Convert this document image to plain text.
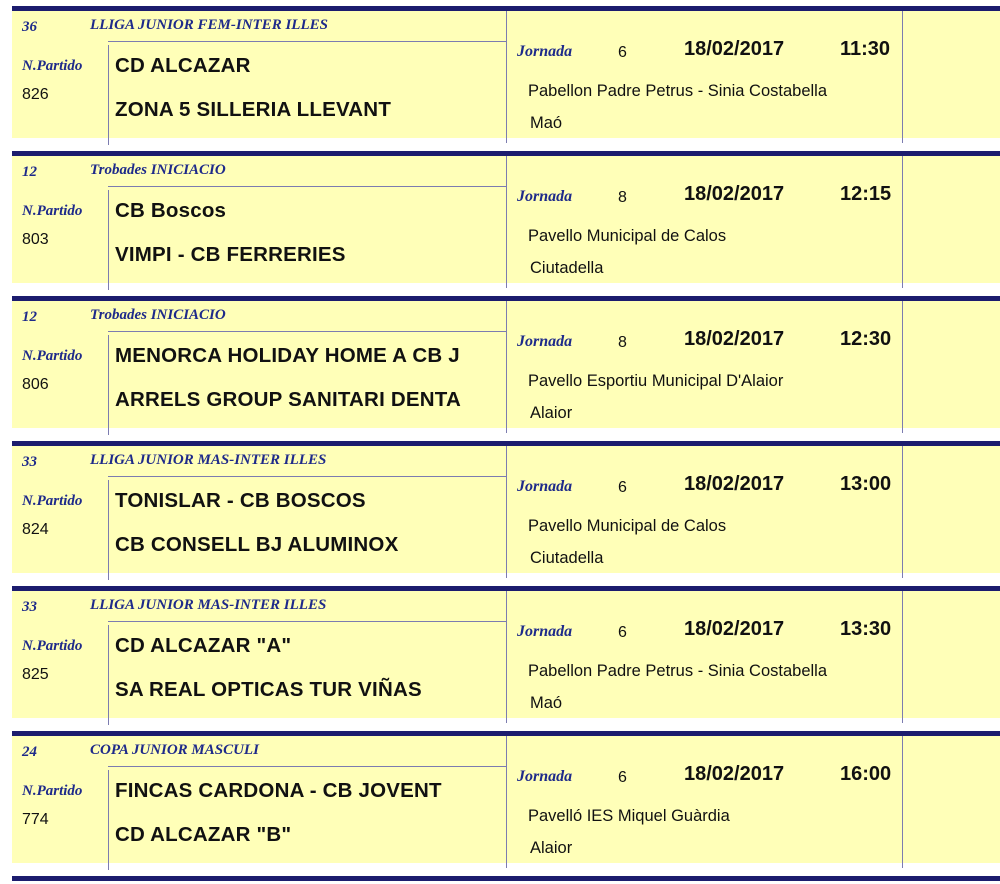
36	LLIGA JUNIOR FEM-INTER ILLES
N.Partido
826
CD ALCAZAR
ZONA 5 SILLERIA LLEVANT
Jornada	6	18/02/2017	11:30
Pabellon Padre Petrus - Sinia Costabella
Maó
12	Trobades INICIACIO
N.Partido
803
CB Boscos
VIMPI - CB FERRERIES
Jornada	8	18/02/2017	12:15
Pavello Municipal de Calos
Ciutadella
12	Trobades INICIACIO
N.Partido
806
MENORCA HOLIDAY HOME A CB J
ARRELS GROUP SANITARI DENTA
Jornada	8	18/02/2017	12:30
Pavello Esportiu Municipal D'Alaior
Alaior
33	LLIGA JUNIOR MAS-INTER ILLES
N.Partido
824
TONISLAR - CB BOSCOS
CB CONSELL BJ ALUMINOX
Jornada	6	18/02/2017	13:00
Pavello Municipal de Calos
Ciutadella
33	LLIGA JUNIOR MAS-INTER ILLES
N.Partido
825
CD ALCAZAR "A"
SA REAL OPTICAS TUR VIÑAS
Jornada	6	18/02/2017	13:30
Pabellon Padre Petrus - Sinia Costabella
Maó
24	COPA JUNIOR MASCULI
N.Partido
774
FINCAS CARDONA - CB JOVENT
CD ALCAZAR "B"
Jornada	6	18/02/2017	16:00
Pavelló IES Miquel Guàrdia
Alaior
